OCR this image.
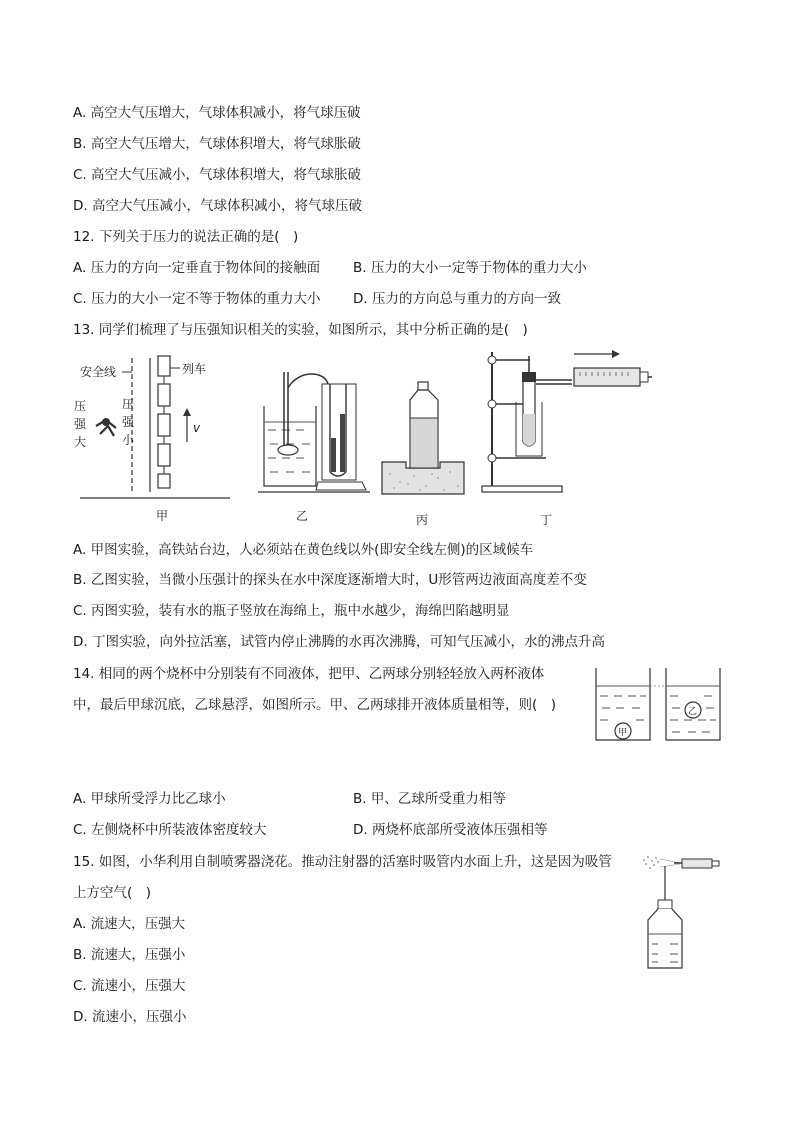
A. 高空大气压增大，气球体积减小，将气球压破
B. 高空大气压增大，气球体积增大，将气球胀破
C. 高空大气压减小，气球体积增大，将气球胀破
D. 高空大气压减小，气球体积减小，将气球压破
12. 下列关于压力的说法正确的是(　)
A. 压力的方向一定垂直于物体间的接触面 B. 压力的大小一定等于物体的重力大小
C. 压力的大小一定不等于物体的重力大小 D. 压力的方向总与重力的方向一致
13. 同学们梳理了与压强知识相关的实验，如图所示，其中分析正确的是(　)
安全线	列车
压
强
大
压
强
小
v
甲	乙	丙	丁
A. 甲图实验，高铁站台边，人必须站在黄色线以外(即安全线左侧)的区域候车
B. 乙图实验，当微小压强计的探头在水中深度逐渐增大时，U形管两边液面高度差不变
C. 丙图实验，装有水的瓶子竖放在海绵上，瓶中水越少，海绵凹陷越明显
D. 丁图实验，向外拉活塞，试管内停止沸腾的水再次沸腾，可知气压减小，水的沸点升高
14. 相同的两个烧杯中分别装有不同液体，把甲、乙两球分别轻轻放入两杯液体
中，最后甲球沉底，乙球悬浮，如图所示。甲、乙两球排开液体质量相等，则(　)
甲
乙
A. 甲球所受浮力比乙球小	B. 甲、乙球所受重力相等
C. 左侧烧杯中所装液体密度较大	D. 两烧杯底部所受液体压强相等
15. 如图，小华利用自制喷雾器浇花。推动注射器的活塞时吸管内水面上升，这是因为吸管
上方空气(　)
A. 流速大，压强大
B. 流速大，压强小
C. 流速小，压强大
D. 流速小，压强小
